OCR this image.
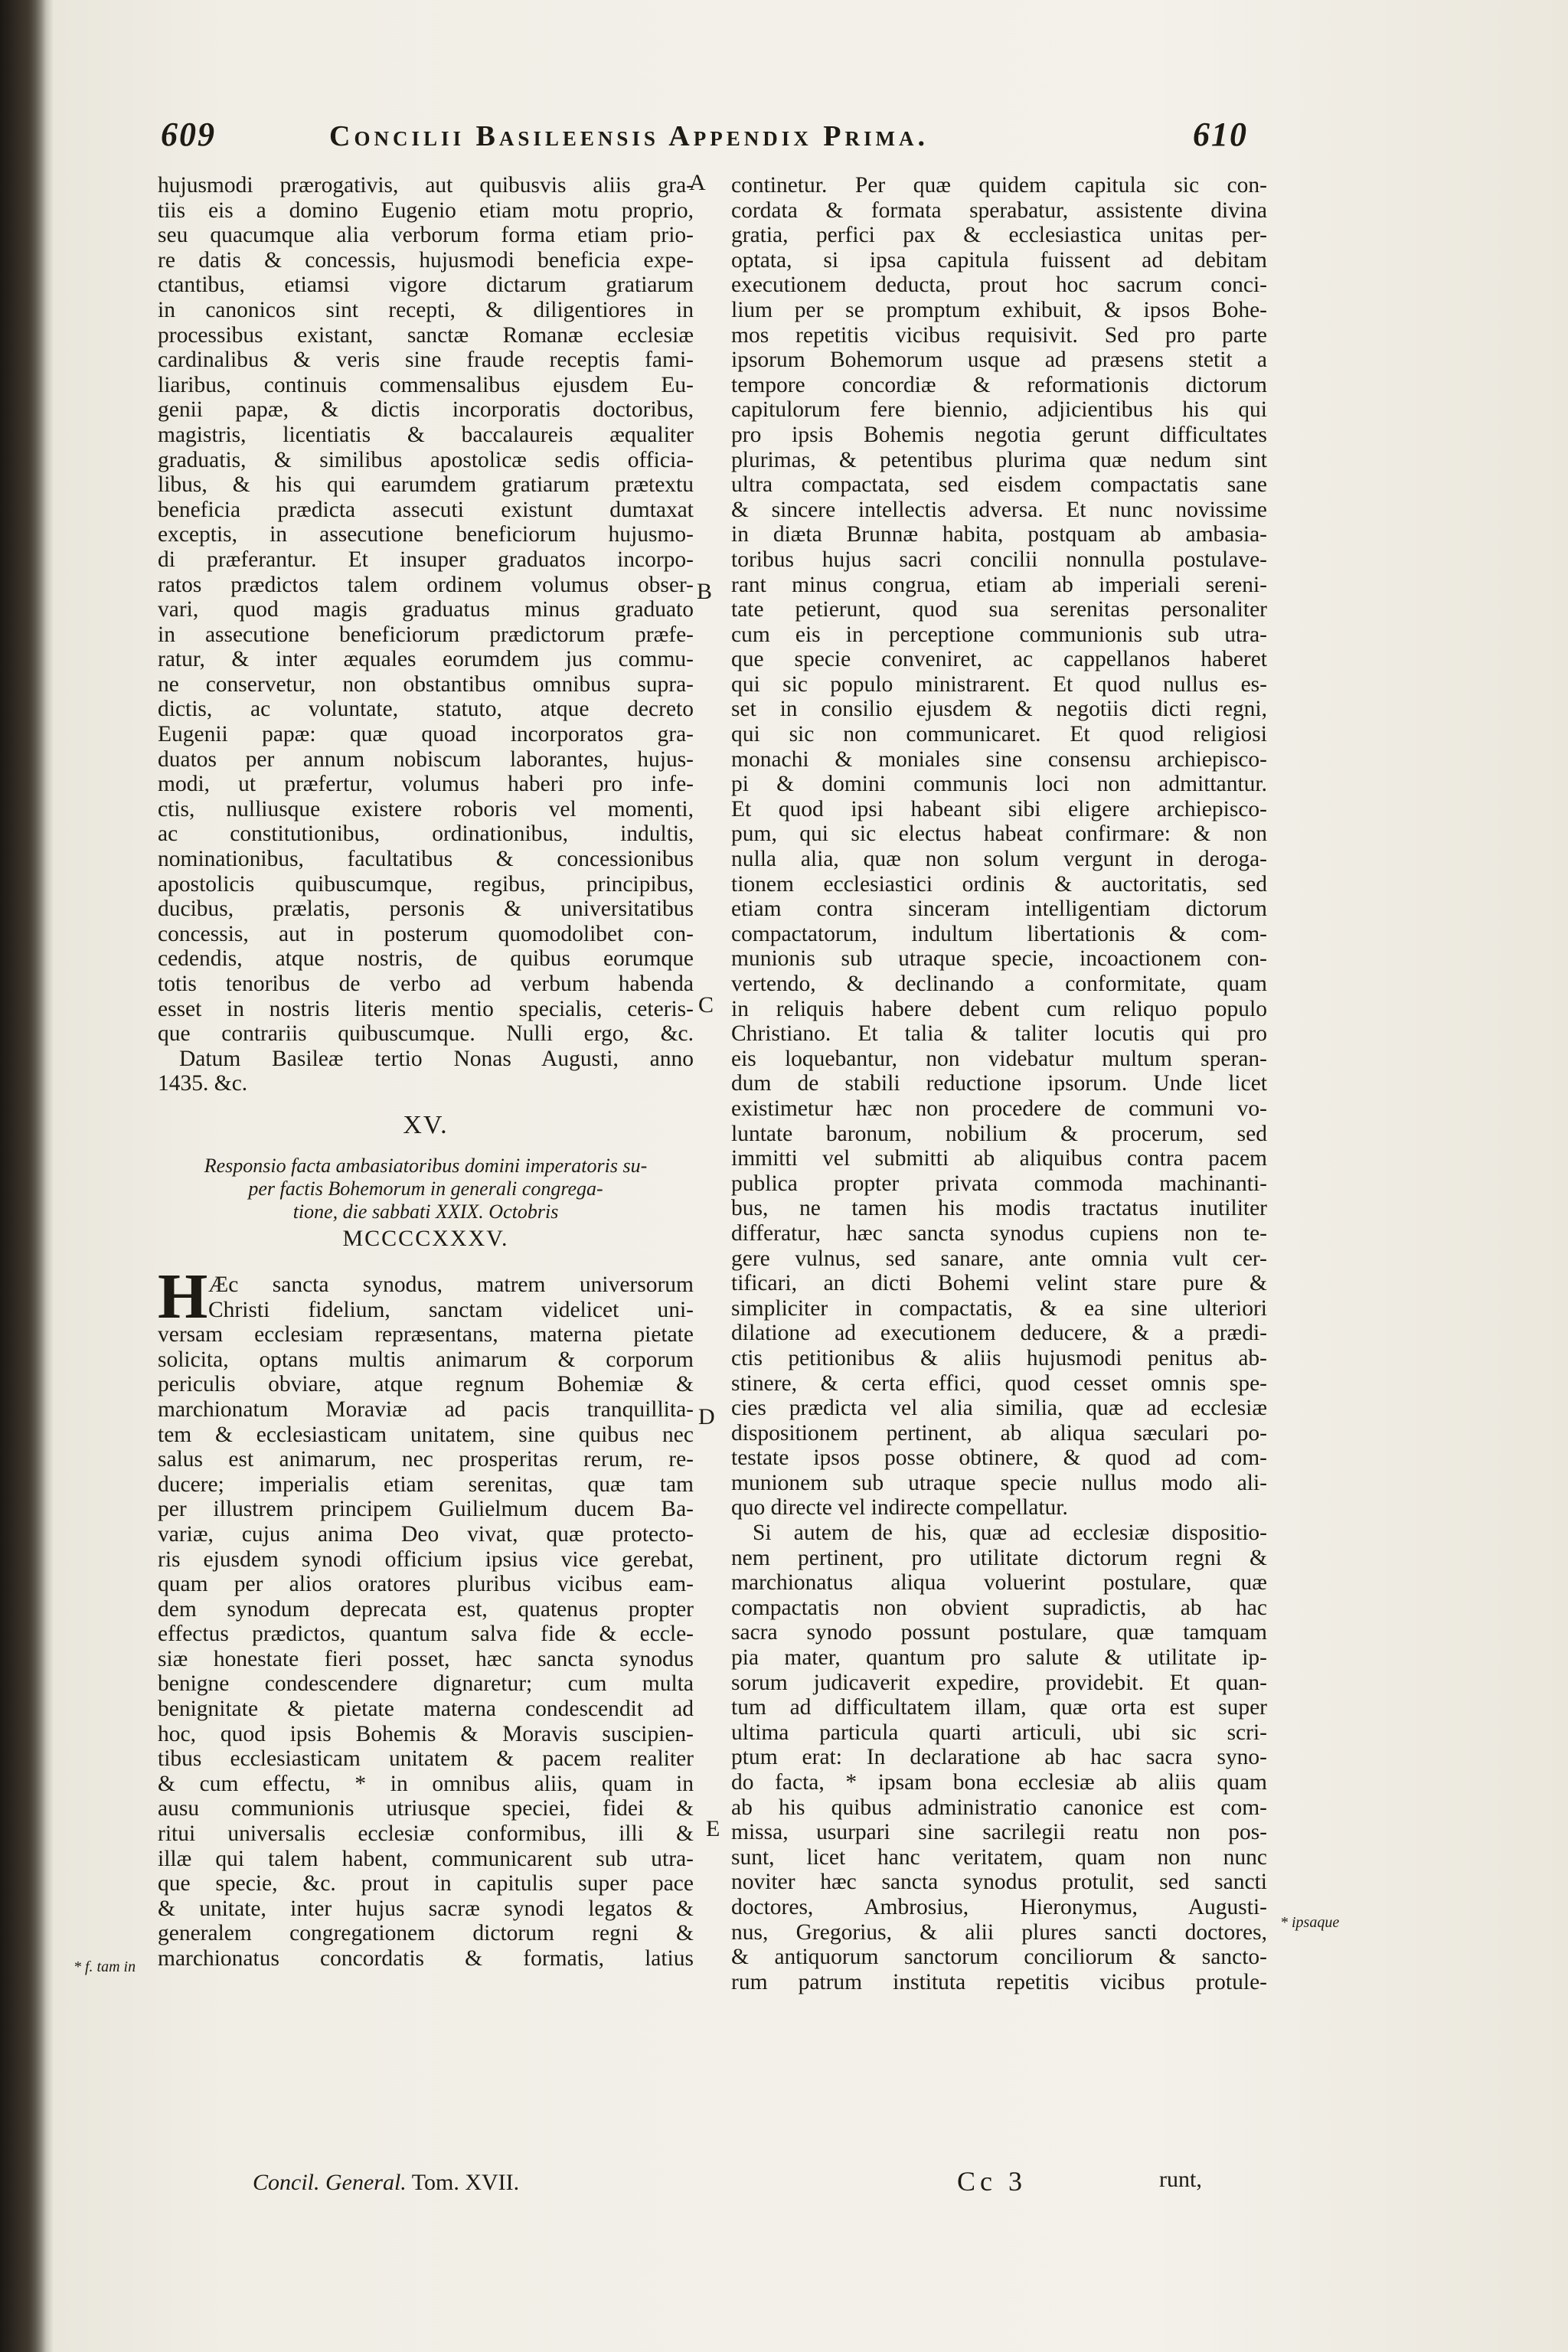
609	Concilii Basileensis Appendix Prima.	610
hujusmodi prærogativis, aut quibusvis aliis gra-
tiis eis a domino Eugenio etiam motu proprio,
seu quacumque alia verborum forma etiam prio-
re datis & concessis, hujusmodi beneficia expe-
ctantibus, etiamsi vigore dictarum gratiarum
in canonicos sint recepti, & diligentiores in
processibus existant, sanctæ Romanæ ecclesiæ
cardinalibus & veris sine fraude receptis fami-
liaribus, continuis commensalibus ejusdem Eu-
genii papæ, & dictis incorporatis doctoribus,
magistris, licentiatis & baccalaureis æqualiter
graduatis, & similibus apostolicæ sedis officia-
libus, & his qui earumdem gratiarum prætextu
beneficia prædicta assecuti existunt dumtaxat
exceptis, in assecutione beneficiorum hujusmo-
di præferantur. Et insuper graduatos incorpo-
ratos prædictos talem ordinem volumus obser-
vari, quod magis graduatus minus graduato
in assecutione beneficiorum prædictorum præfe-
ratur, & inter æquales eorumdem jus commu-
ne conservetur, non obstantibus omnibus supra-
dictis, ac voluntate, statuto, atque decreto
Eugenii papæ: quæ quoad incorporatos gra-
duatos per annum nobiscum laborantes, hujus-
modi, ut præfertur, volumus haberi pro infe-
ctis, nulliusque existere roboris vel momenti,
ac constitutionibus, ordinationibus, indultis,
nominationibus, facultatibus & concessionibus
apostolicis quibuscumque, regibus, principibus,
ducibus, prælatis, personis & universitatibus
concessis, aut in posterum quomodolibet con-
cedendis, atque nostris, de quibus eorumque
totis tenoribus de verbo ad verbum habenda
esset in nostris literis mentio specialis, ceteris-
que contrariis quibuscumque. Nulli ergo, &c.
Datum Basileæ tertio Nonas Augusti, anno
1435. &c.
XV.
Responsio facta ambasiatoribus domini imperatoris su-
per factis Bohemorum in generali congrega-
tione, die sabbati XXIX. Octobris
MCCCCXXXV.
H Æc sancta synodus, matrem universorum
Christi fidelium, sanctam videlicet uni-
versam ecclesiam repræsentans, materna pietate
solicita, optans multis animarum & corporum
periculis obviare, atque regnum Bohemiæ &
marchionatum Moraviæ ad pacis tranquillita-
tem & ecclesiasticam unitatem, sine quibus nec
salus est animarum, nec prosperitas rerum, re-
ducere; imperialis etiam serenitas, quæ tam
per illustrem principem Guilielmum ducem Ba-
variæ, cujus anima Deo vivat, quæ protecto-
ris ejusdem synodi officium ipsius vice gerebat,
quam per alios oratores pluribus vicibus eam-
dem synodum deprecata est, quatenus propter
effectus prædictos, quantum salva fide & eccle-
siæ honestate fieri posset, hæc sancta synodus
benigne condescendere dignaretur; cum multa
benignitate & pietate materna condescendit ad
hoc, quod ipsis Bohemis & Moravis suscipien-
tibus ecclesiasticam unitatem & pacem realiter
& cum effectu, * in omnibus aliis, quam in
ausu communionis utriusque speciei, fidei &
ritui universalis ecclesiæ conformibus, illi &
illæ qui talem habent, communicarent sub utra-
que specie, &c. prout in capitulis super pace
& unitate, inter hujus sacræ synodi legatos &
generalem congregationem dictorum regni &
marchionatus concordatis & formatis, latius
continetur. Per quæ quidem capitula sic con-
cordata & formata sperabatur, assistente divina
gratia, perfici pax & ecclesiastica unitas per-
optata, si ipsa capitula fuissent ad debitam
executionem deducta, prout hoc sacrum conci-
lium per se promptum exhibuit, & ipsos Bohe-
mos repetitis vicibus requisivit. Sed pro parte
ipsorum Bohemorum usque ad præsens stetit a
tempore concordiæ & reformationis dictorum
capitulorum fere biennio, adjicientibus his qui
pro ipsis Bohemis negotia gerunt difficultates
plurimas, & petentibus plurima quæ nedum sint
ultra compactata, sed eisdem compactatis sane
& sincere intellectis adversa. Et nunc novissime
in diæta Brunnæ habita, postquam ab ambasia-
toribus hujus sacri concilii nonnulla postulave-
rant minus congrua, etiam ab imperiali sereni-
tate petierunt, quod sua serenitas personaliter
cum eis in perceptione communionis sub utra-
que specie conveniret, ac cappellanos haberet
qui sic populo ministrarent. Et quod nullus es-
set in consilio ejusdem & negotiis dicti regni,
qui sic non communicaret. Et quod religiosi
monachi & moniales sine consensu archiepisco-
pi & domini communis loci non admittantur.
Et quod ipsi habeant sibi eligere archiepisco-
pum, qui sic electus habeat confirmare: & non
nulla alia, quæ non solum vergunt in deroga-
tionem ecclesiastici ordinis & auctoritatis, sed
etiam contra sinceram intelligentiam dictorum
compactatorum, indultum libertationis & com-
munionis sub utraque specie, incoactionem con-
vertendo, & declinando a conformitate, quam
in reliquis habere debent cum reliquo populo
Christiano. Et talia & taliter locutis qui pro
eis loquebantur, non videbatur multum speran-
dum de stabili reductione ipsorum. Unde licet
existimetur hæc non procedere de communi vo-
luntate baronum, nobilium & procerum, sed
immitti vel submitti ab aliquibus contra pacem
publica propter privata commoda machinanti-
bus, ne tamen his modis tractatus inutiliter
differatur, hæc sancta synodus cupiens non te-
gere vulnus, sed sanare, ante omnia vult cer-
tificari, an dicti Bohemi velint stare pure &
simpliciter in compactatis, & ea sine ulteriori
dilatione ad executionem deducere, & a prædi-
ctis petitionibus & aliis hujusmodi penitus ab-
stinere, & certa effici, quod cesset omnis spe-
cies prædicta vel alia similia, quæ ad ecclesiæ
dispositionem pertinent, ab aliqua sæculari po-
testate ipsos posse obtinere, & quod ad com-
munionem sub utraque specie nullus modo ali-
quo directe vel indirecte compellatur.
Si autem de his, quæ ad ecclesiæ dispositio-
nem pertinent, pro utilitate dictorum regni &
marchionatus aliqua voluerint postulare, quæ
compactatis non obvient supradictis, ab hac
sacra synodo possunt postulare, quæ tamquam
pia mater, quantum pro salute & utilitate ip-
sorum judicaverit expedire, providebit. Et quan-
tum ad difficultatem illam, quæ orta est super
ultima particula quarti articuli, ubi sic scri-
ptum erat: In declaratione ab hac sacra syno-
do facta, * ipsam bona ecclesiæ ab aliis quam
ab his quibus administratio canonice est com-
missa, usurpari sine sacrilegii reatu non pos-
sunt, licet hanc veritatem, quam non nunc
noviter hæc sancta synodus protulit, sed sancti
doctores, Ambrosius, Hieronymus, Augusti-
nus, Gregorius, & alii plures sancti doctores,
& antiquorum sanctorum conciliorum & sancto-
rum patrum instituta repetitis vicibus protule-
A
B
C
D
E
* f. tam in
* ipsaque
Concil. General. Tom. XVII.	Cc 3	runt,
